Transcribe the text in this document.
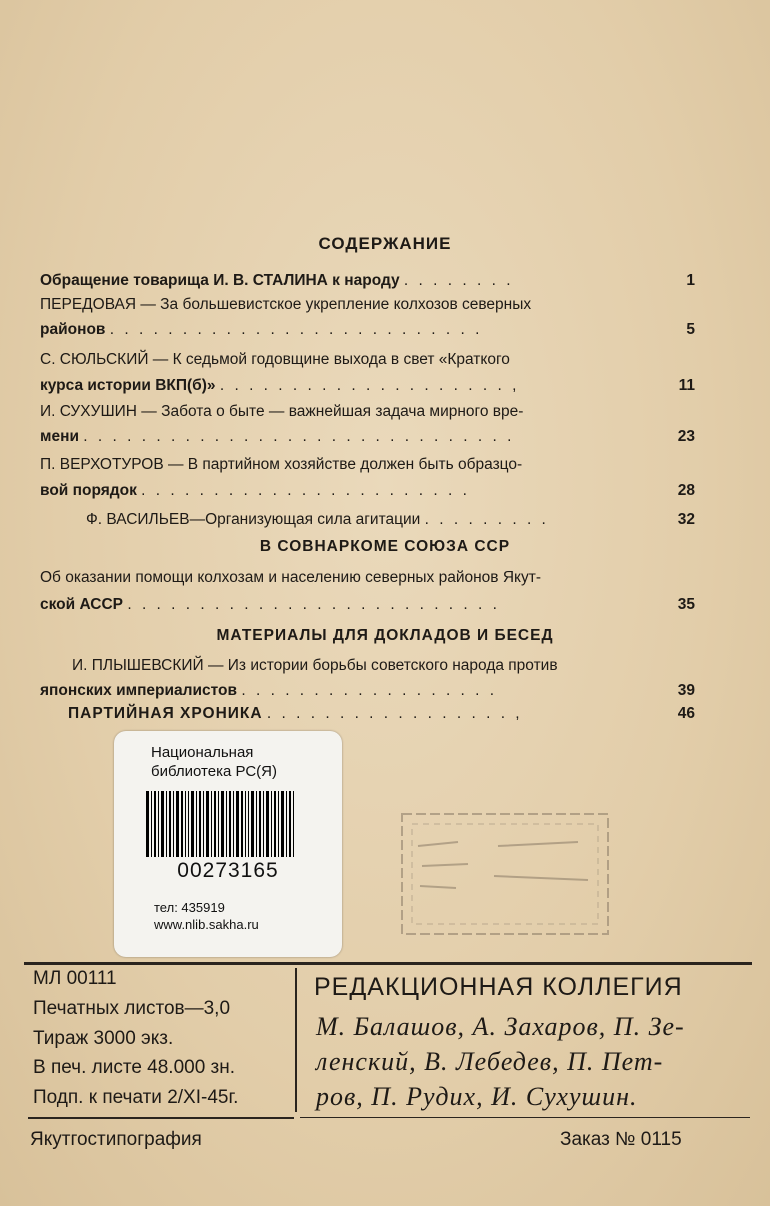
СОДЕРЖАНИЕ
Обращение товарища И. В. СТАЛИНА к народу . . . . . . . .	1
ПЕРЕДОВАЯ — За большевистское укрепление колхозов северных
районов . . . . . . . . . . . . . . . . . . . . . . . . . .	5
С. СЮЛЬСКИЙ — К седьмой годовщине выхода в свет «Краткого
курса истории ВКП(б)» . . . . . . . . . . . . . . . . . . . . ,	11
И. СУХУШИН — Забота о быте — важнейшая задача мирного вре-
мени . . . . . . . . . . . . . . . . . . . . . . . . . . . . . .	23
П. ВЕРХОТУРОВ — В партийном хозяйстве должен быть образцо-
вой порядок . . . . . . . . . . . . . . . . . . . . . . .	28
Ф. ВАСИЛЬЕВ—Организующая сила агитации . . . . . . . . .	32
В СОВНАРКОМЕ СОЮЗА ССР
Об оказании помощи колхозам и населению северных районов Якут-
ской АССР . . . . . . . . . . . . . . . . . . . . . . . . . .	35
МАТЕРИАЛЫ ДЛЯ ДОКЛАДОВ И БЕСЕД
И. ПЛЫШЕВСКИЙ — Из истории борьбы советского народа против
японских империалистов . . . . . . . . . . . . . . . . . .	39
ПАРТИЙНАЯ ХРОНИКА . . . . . . . . . . . . . . . . . ,	46
Национальная
библиотека РС(Я)
00273165
тел: 435919
www.nlib.sakha.ru
МЛ 00111
Печатных листов—3,0
Тираж 3000 экз.
В печ. листе 48.000 зн.
Подп. к печати 2/XI-45г.
РЕДАКЦИОННАЯ КОЛЛЕГИЯ
М. Балашов, А. Захаров, П. Зе-
ленский, В. Лебедев, П. Пет-
ров, П. Рудих, И. Сухушин.
Якутгостипография	Заказ № 0115
